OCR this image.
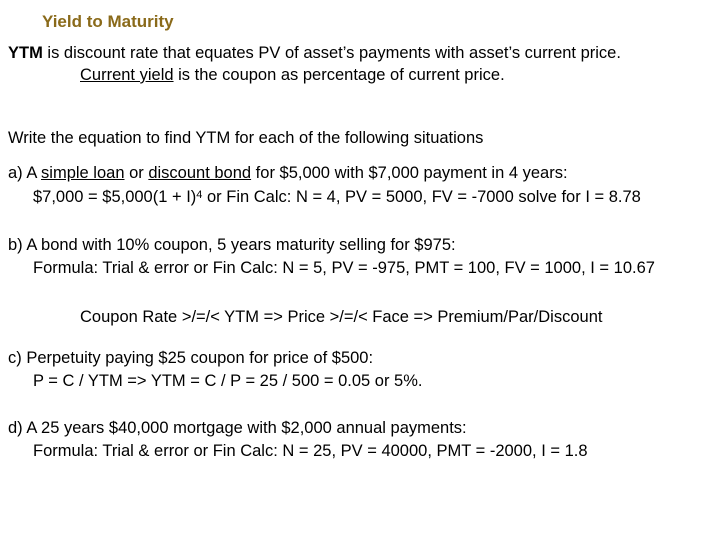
Yield to Maturity
YTM is discount rate that equates PV of asset’s payments with asset’s current price.
Current yield is the coupon as percentage of current price.
Write the equation to find YTM for each of the following situations
a) A simple loan or discount bond for $5,000 with $7,000 payment in 4 years:
$7,000 = $5,000(1 + I)$^4$ or Fin Calc: N = 4, PV = 5000, FV = -7000 solve for I = 8.78
b) A bond with 10% coupon, 5 years maturity selling for $975:
Formula: Trial & error or Fin Calc: N = 5, PV = -975, PMT = 100, FV = 1000, I = 10.67
Coupon Rate >/=/< YTM => Price >/=/< Face => Premium/Par/Discount
c) Perpetuity paying $25 coupon for price of $500:
P = C / YTM => YTM = C / P = 25 / 500 = 0.05 or 5%.
d) A 25 years $40,000 mortgage with $2,000 annual payments:
Formula: Trial & error or Fin Calc: N = 25, PV = 40000, PMT = -2000, I = 1.8
